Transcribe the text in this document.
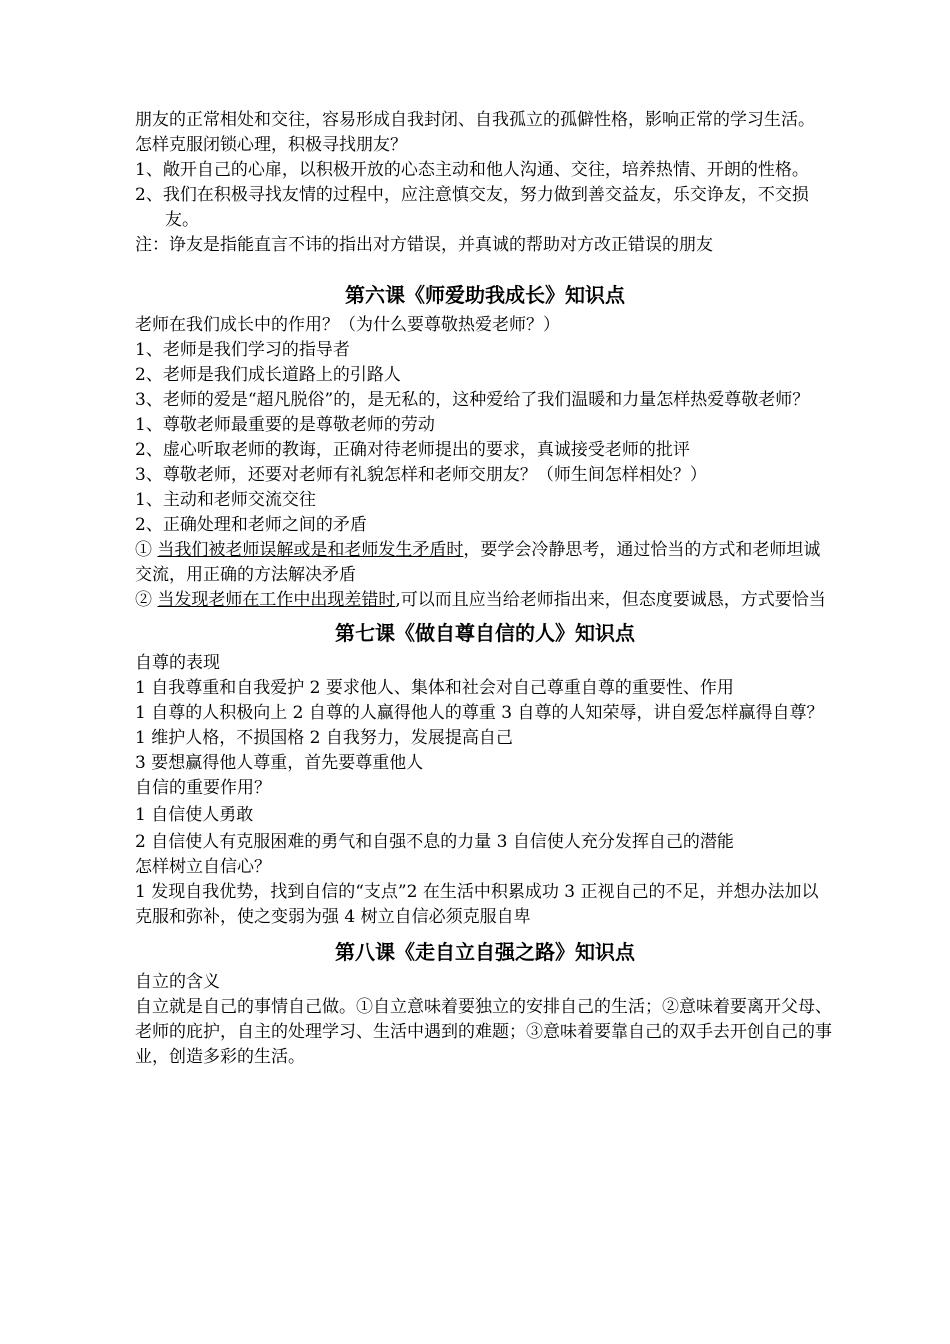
朋友的正常相处和交往，容易形成自我封闭、自我孤立的孤僻性格，影响正常的学习生活。

怎样克服闭锁心理，积极寻找朋友？

1、敞开自己的心扉，以积极开放的心态主动和他人沟通、交往，培养热情、开朗的性格。

2、我们在积极寻找友情的过程中，应注意慎交友，努力做到善交益友，乐交诤友，不交损友。

注：诤友是指能直言不讳的指出对方错误，并真诚的帮助对方改正错误的朋友

第六课《师爱助我成长》知识点

老师在我们成长中的作用？（为什么要尊敬热爱老师？）

1、老师是我们学习的指导者

2、老师是我们成长道路上的引路人

3、老师的爱是“超凡脱俗”的，是无私的，这种爱给了我们温暖和力量怎样热爱尊敬老师？

1、尊敬老师最重要的是尊敬老师的劳动

2、虚心听取老师的教诲，正确对待老师提出的要求，真诚接受老师的批评

3、尊敬老师，还要对老师有礼貌怎样和老师交朋友？（师生间怎样相处？）

1、主动和老师交流交往

2、正确处理和老师之间的矛盾

① 当我们被老师误解或是和老师发生矛盾时，要学会冷静思考，通过恰当的方式和老师坦诚交流，用正确的方法解决矛盾

② 当发现老师在工作中出现差错时,可以而且应当给老师指出来，但态度要诚恳，方式要恰当

第七课《做自尊自信的人》知识点

自尊的表现

1 自我尊重和自我爱护 2 要求他人、集体和社会对自己尊重自尊的重要性、作用

1 自尊的人积极向上 2 自尊的人赢得他人的尊重 3 自尊的人知荣辱，讲自爱怎样赢得自尊？

1 维护人格，不损国格 2 自我努力，发展提高自己

3 要想赢得他人尊重，首先要尊重他人

自信的重要作用？

1 自信使人勇敢

2 自信使人有克服困难的勇气和自强不息的力量 3 自信使人充分发挥自己的潜能

怎样树立自信心？

1 发现自我优势，找到自信的“支点”2 在生活中积累成功 3 正视自己的不足，并想办法加以克服和弥补，使之变弱为强 4 树立自信必须克服自卑

第八课《走自立自强之路》知识点

自立的含义

自立就是自己的事情自己做。①自立意味着要独立的安排自己的生活；②意味着要离开父母、老师的庇护，自主的处理学习、生活中遇到的难题；③意味着要靠自己的双手去开创自己的事业，创造多彩的生活。
